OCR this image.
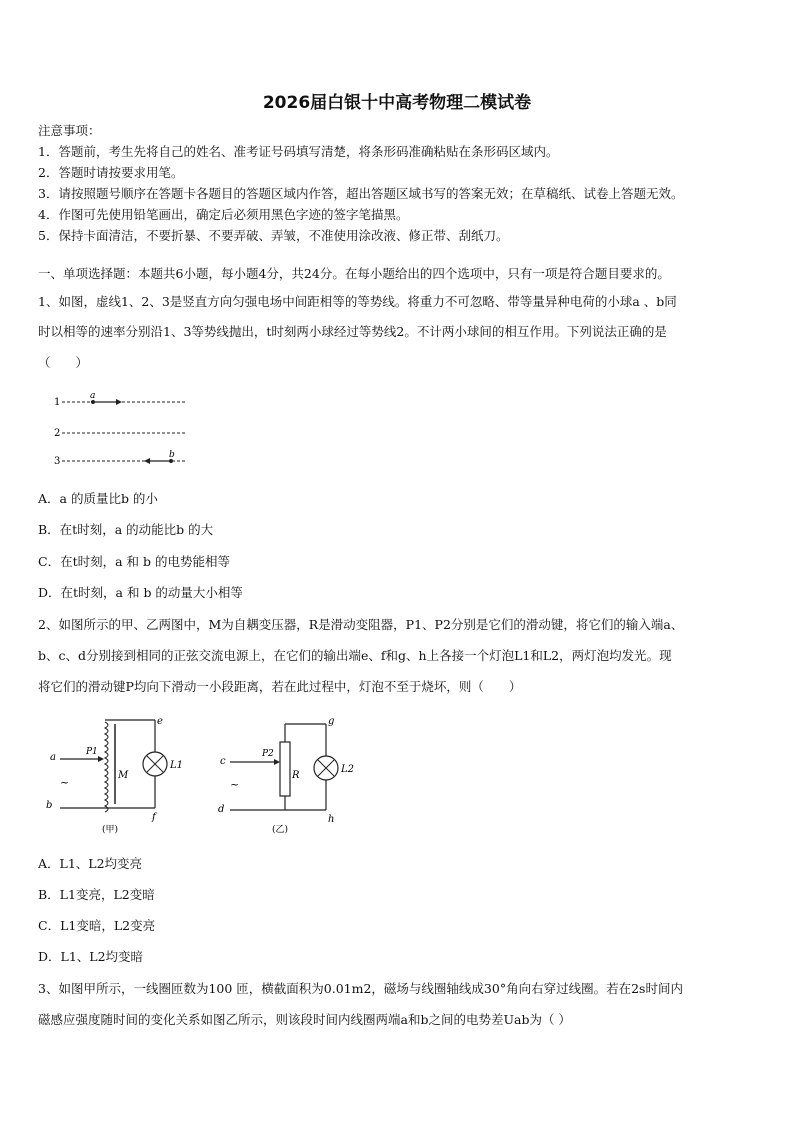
2026届白银十中高考物理二模试卷
注意事项：
1．答题前，考生先将自己的姓名、准考证号码填写清楚，将条形码准确粘贴在条形码区域内。
2．答题时请按要求用笔。
3．请按照题号顺序在答题卡各题目的答题区域内作答，超出答题区域书写的答案无效；在草稿纸、试卷上答题无效。
4．作图可先使用铅笔画出，确定后必须用黑色字迹的签字笔描黑。
5．保持卡面清洁，不要折暴、不要弄破、弄皱，不准使用涂改液、修正带、刮纸刀。
一、单项选择题：本题共6小题，每小题4分，共24分。在每小题给出的四个选项中，只有一项是符合题目要求的。
1、如图，虚线1、2、3是竖直方向匀强电场中间距相等的等势线。将重力不可忽略、带等量异种电荷的小球a 、b同
时以相等的速率分别沿1、3等势线抛出，t时刻两小球经过等势线2。不计两小球间的相互作用。下列说法正确的是
（　　）
1
a
2
3
b
A．a 的质量比b 的小
B．在t时刻，a 的动能比b 的大
C．在t时刻，a 和 b 的电势能相等
D．在t时刻，a 和 b 的动量大小相等
2、如图所示的甲、乙两图中，M为自耦变压器，R是滑动变阻器，P1、P2分别是它们的滑动键，将它们的输入端a、
b、c、d分别接到相同的正弦交流电源上，在它们的输出端e、f和g、h上各接一个灯泡L1和L2，两灯泡均发光。现
将它们的滑动键P均向下滑动一小段距离，若在此过程中，灯泡不至于烧坏，则（　　）
e
L1
f
M
a	P1
~
b
(甲)
g
R
L2
h
c
P2
~
d
(乙)
A．L1、L2均变亮
B．L1变亮，L2变暗
C．L1变暗，L2变亮
D．L1、L2均变暗
3、如图甲所示，一线圈匝数为100 匝，横截面积为0.01m2，磁场与线圈轴线成30°角向右穿过线圈。若在2s时间内
磁感应强度随时间的变化关系如图乙所示，则该段时间内线圈两端a和b之间的电势差Uab为（ ）
